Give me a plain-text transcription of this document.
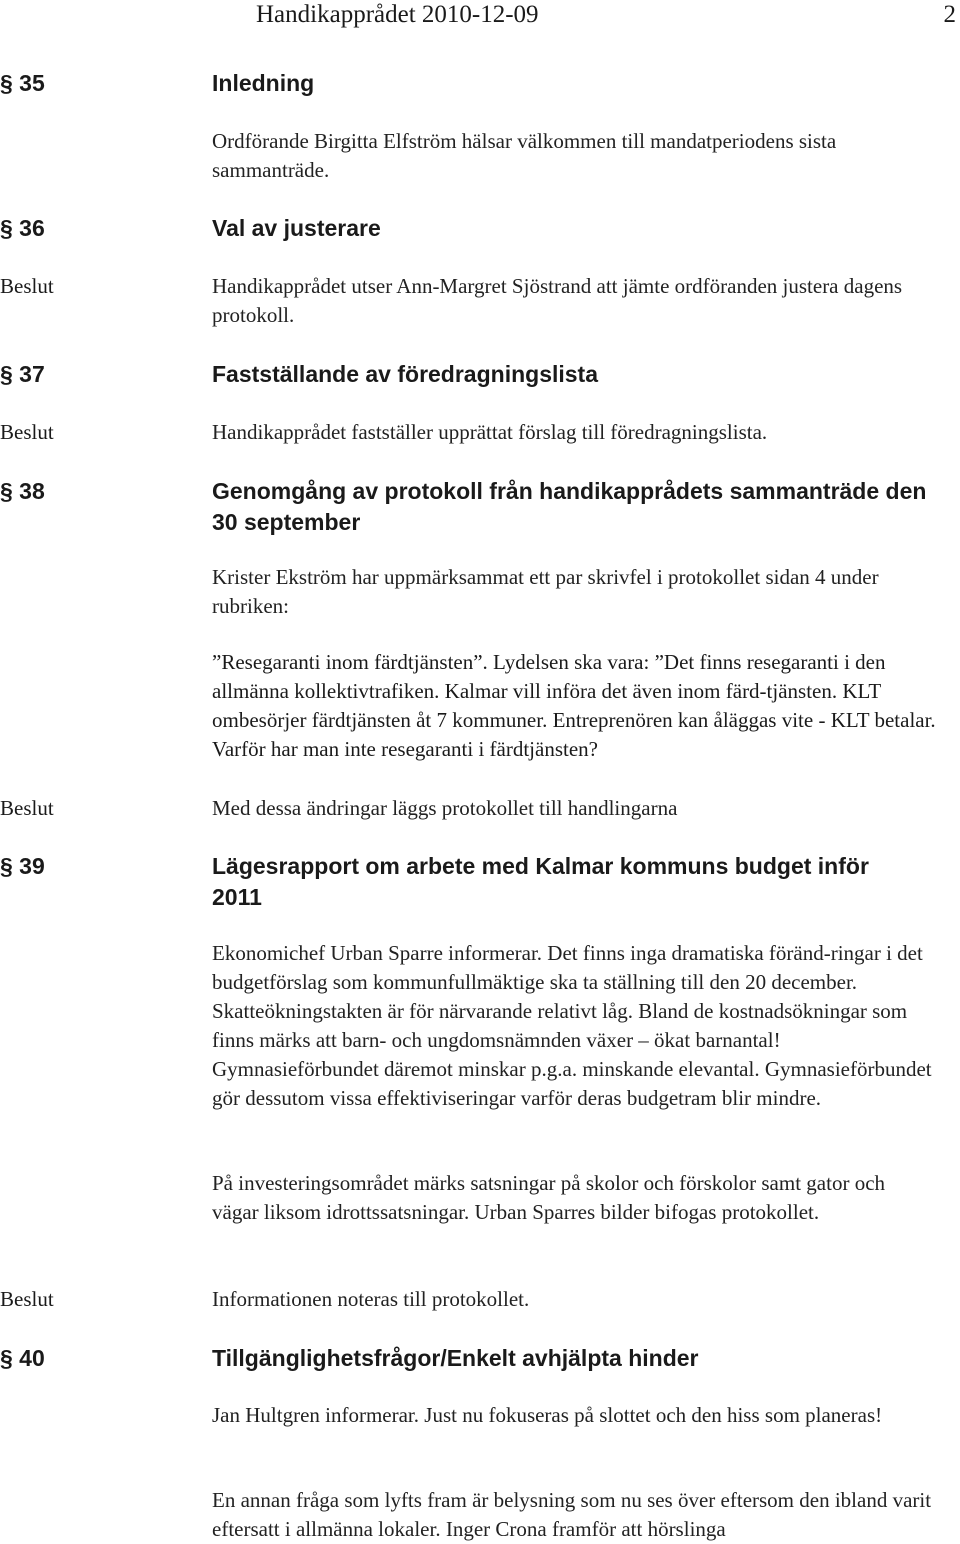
Handikapprådet 2010-12-09	2
§ 35	Inledning

Ordförande Birgitta Elfström hälsar välkommen till mandatperiodens sista sammanträde.

§ 36	Val av justerare
Beslut	Handikapprådet utser Ann-Margret Sjöstrand att jämte ordföranden justera dagens protokoll.

§ 37	Fastställande av föredragningslista
Beslut	Handikapprådet fastställer upprättat förslag till föredragningslista.

§ 38	Genomgång av protokoll från handikapprådets sammanträde den 30 september

Krister Ekström har uppmärksammat ett par skrivfel i protokollet sidan 4 under rubriken:

”Resegaranti inom färdtjänsten”. Lydelsen ska vara: ”Det finns resegaranti i den allmänna kollektivtrafiken. Kalmar vill införa det även inom färd-tjänsten. KLT ombesörjer färdtjänsten åt 7 kommuner. Entreprenören kan åläggas vite - KLT betalar. Varför har man inte resegaranti i färdtjänsten?

Beslut	Med dessa ändringar läggs protokollet till handlingarna

§ 39	Lägesrapport om arbete med Kalmar kommuns budget inför 2011

Ekonomichef Urban Sparre informerar. Det finns inga dramatiska föränd-ringar i det budgetförslag som kommunfullmäktige ska ta ställning till den 20 december. Skatteökningstakten är för närvarande relativt låg. Bland de kostnadsökningar som finns märks att barn- och ungdomsnämnden växer – ökat barnantal! Gymnasieförbundet däremot minskar p.g.a. minskande elevantal. Gymnasieförbundet gör dessutom vissa effektiviseringar varför deras budgetram blir mindre.

På investeringsområdet märks satsningar på skolor och förskolor samt gator och vägar liksom idrottssatsningar. Urban Sparres bilder bifogas protokollet.

Beslut	Informationen noteras till protokollet.

§ 40	Tillgänglighetsfrågor/Enkelt avhjälpta hinder

Jan Hultgren informerar. Just nu fokuseras på slottet och den hiss som planeras!

En annan fråga som lyfts fram är belysning som nu ses över eftersom den ibland varit eftersatt i allmänna lokaler. Inger Crona framför att hörslinga
